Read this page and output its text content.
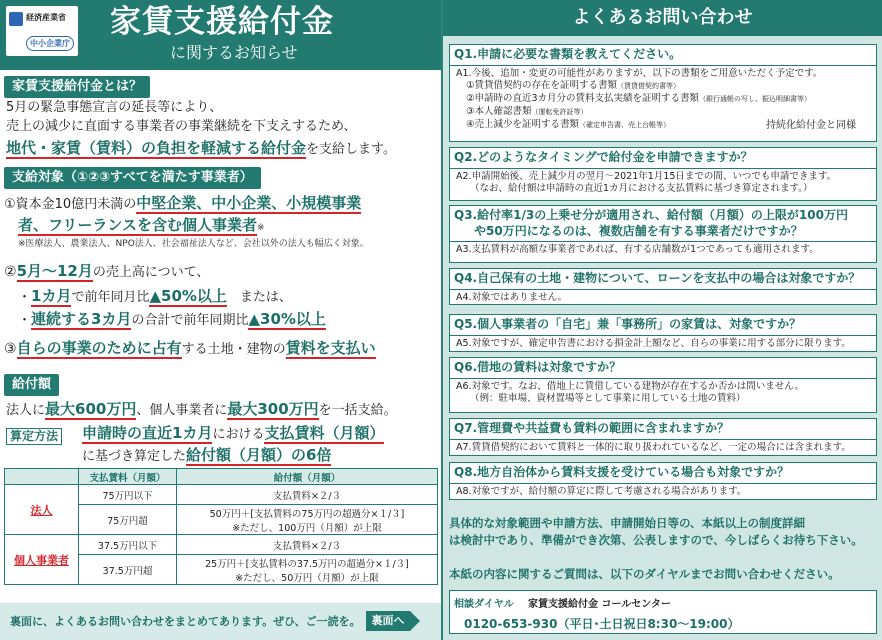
経済産業省
中小企業庁
家賃支援給付金
に関するお知らせ
家賃支援給付金とは？
5月の緊急事態宣言の延長等により、
売上の減少に直面する事業者の事業継続を下支えするため、
地代・家賃（賃料）の負担を軽減する給付金を支給します。
支給対象（①②③すべてを満たす事業者）
①資本金10億円未満の中堅企業、中小企業、小規模事業
者、フリーランスを含む個人事業者※
※医療法人、農業法人、NPO法人、社会福祉法人など、会社以外の法人も幅広く対象。
②5月～12月の売上高について、
・1カ月で前年同月比▲50%以上　または、
・連続する3カ月の合計で前年同期比▲30%以上
③自らの事業のために占有する土地・建物の賃料を支払い
給付額
法人に最大600万円、個人事業者に最大300万円を一括支給。
算定方法 申請時の直近1カ月における支払賃料（月額）
に基づき算定した給付額（月額）の6倍
	支払賃料（月額）	給付額（月額）
法人	75万円以下	支払賃料×２/３
	75万円超	50万円＋[支払賃料の75万円の超過分×１/３]
※ただし、100万円（月額）が上限

個人事業者	37.5万円以下	支払賃料×２/３
	37.5万円超	25万円＋[支払賃料の37.5万円の超過分×１/３]
※ただし、50万円（月額）が上限
裏面に、よくあるお問い合わせをまとめてあります。ぜひ、ご一読を。 裏面へ
よくあるお問い合わせ
Q1.申請に必要な書類を教えてください。
A1.今後、追加・変更の可能性がありますが、以下の書類をご用意いただく予定です。
①賃貸借契約の存在を証明する書類（賃貸借契約書等）
②申請時の直近3カ月分の賃料支払実績を証明する書類（銀行通帳の写し、振込明細書等）
③本人確認書類（運転免許証等）
④売上減少を証明する書類（確定申告書、売上台帳等）	持続化給付金と同様
Q2.どのようなタイミングで給付金を申請できますか？
A2.申請開始後、売上減少月の翌月～2021年1月15日までの間、いつでも申請できます。
（なお、給付額は申請時の直近1カ月における支払賃料に基づき算定されます。）
Q3.給付率1/3の上乗せ分が適用され、給付額（月額）の上限が100万円
や50万円になるのは、複数店舗を有する事業者だけですか？
A3.支払賃料が高額な事業者であれば、有する店舗数が1つであっても適用されます。
Q4.自己保有の土地・建物について、ローンを支払中の場合は対象ですか？
A4.対象ではありません。
Q5.個人事業者の「自宅」兼「事務所」の家賃は、対象ですか？
A5.対象ですが、確定申告書における損金計上額など、自らの事業に用する部分に限ります。
Q6.借地の賃料は対象ですか？
A6.対象です。なお、借地上に賃借している建物が存在するか否かは問いません。
（例：駐車場、資材置場等として事業に用している土地の賃料）
Q7.管理費や共益費も賃料の範囲に含まれますか？
A7.賃貸借契約において賃料と一体的に取り扱われているなど、一定の場合には含まれます。
Q8.地方自治体から賃料支援を受けている場合も対象ですか？
A8.対象ですが、給付額の算定に際して考慮される場合があります。
具体的な対象範囲や申請方法、申請開始日等の、本紙以上の制度詳細
は検討中であり、準備ができ次第、公表しますので、今しばらくお待ち下さい。
本紙の内容に関するご質問は、以下のダイヤルまでお問い合わせください。
相談ダイヤル 家賃支援給付金 コールセンター
0120-653-930（平日･土日祝日8:30～19:00）
